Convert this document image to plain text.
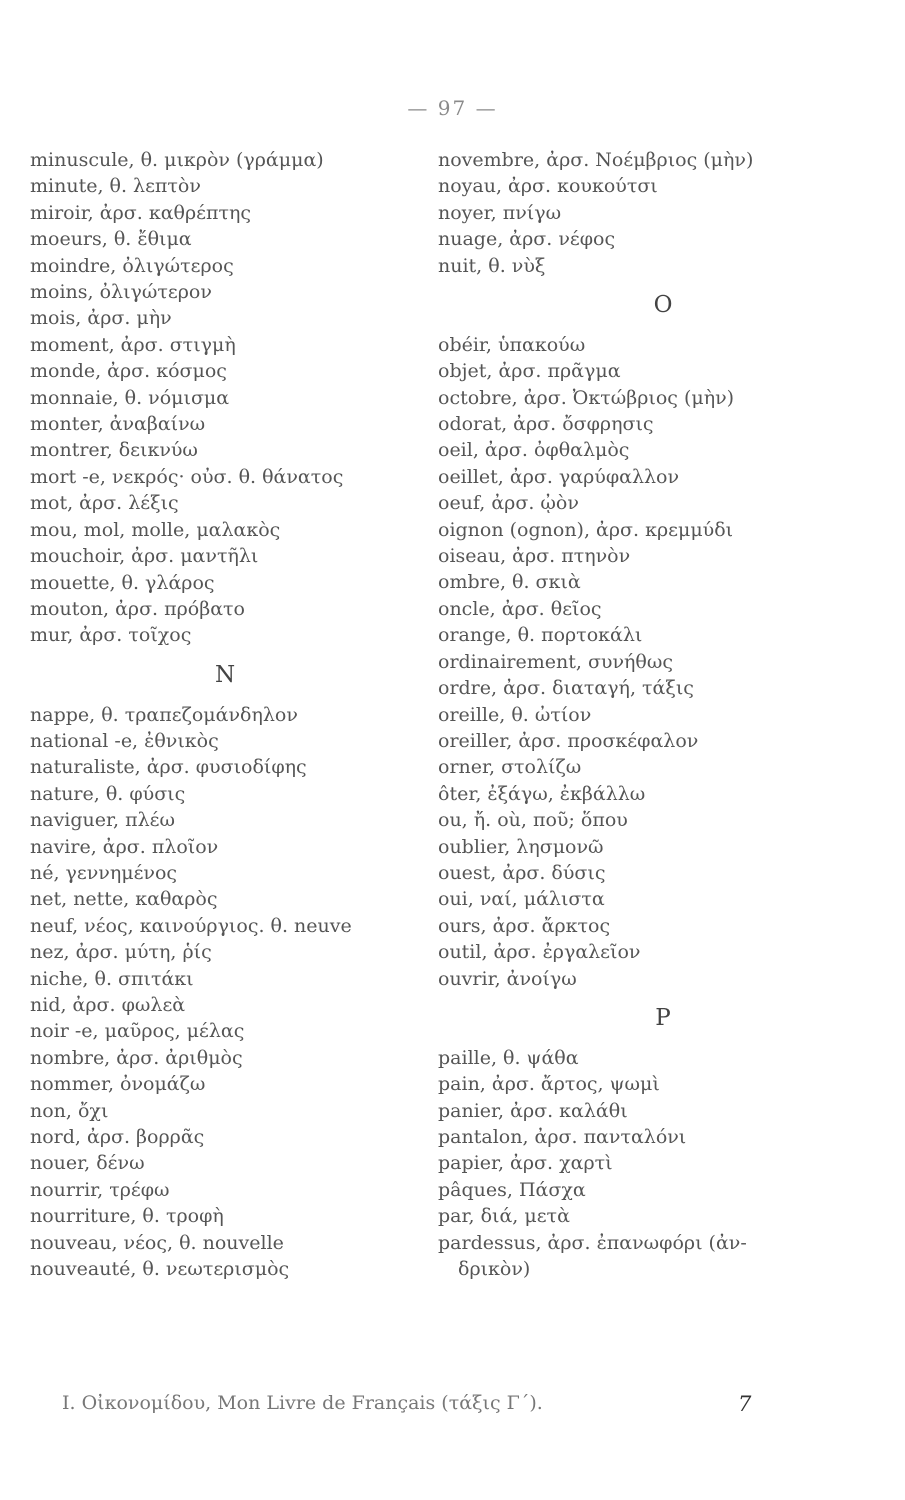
— 97 —
minuscule, θ. μικρὸν (γράμμα)
minute, θ. λεπτὸν
miroir, ἀρσ. καθρέπτης
moeurs, θ. ἔθιμα
moindre, ὀλιγώτερος
moins, ὀλιγώτερον
mois, ἀρσ. μὴν
moment, ἀρσ. στιγμὴ
monde, ἀρσ. κόσμος
monnaie, θ. νόμισμα
monter, ἀναβαίνω
montrer, δεικνύω
mort -e, νεκρός· οὐσ. θ. θάνατος
mot, ἀρσ. λέξις
mou, mol, molle, μαλακὸς
mouchoir, ἀρσ. μαντῆλι
mouette, θ. γλάρος
mouton, ἀρσ. πρόβατο
mur, ἀρσ. τοῖχος
N
nappe, θ. τραπεζομάνδηλον
national -e, ἐθνικὸς
naturaliste, ἀρσ. φυσιοδίφης
nature, θ. φύσις
naviguer, πλέω
navire, ἀρσ. πλοῖον
né, γεννημένος
net, nette, καθαρὸς
neuf, νέος, καινούργιος. θ. neuve
nez, ἀρσ. μύτη, ῥίς
niche, θ. σπιτάκι
nid, ἀρσ. φωλεὰ
noir -e, μαῦρος, μέλας
nombre, ἀρσ. ἀριθμὸς
nommer, ὀνομάζω
non, ὄχι
nord, ἀρσ. βορρᾶς
nouer, δένω
nourrir, τρέφω
nourriture, θ. τροφὴ
nouveau, νέος, θ. nouvelle
nouveauté, θ. νεωτερισμὸς
novembre, ἀρσ. Νοέμβριος (μὴν)
noyau, ἀρσ. κουκούτσι
noyer, πνίγω
nuage, ἀρσ. νέφος
nuit, θ. νὺξ
O
obéir, ὑπακούω
objet, ἀρσ. πρᾶγμα
octobre, ἀρσ. Ὀκτώβριος (μὴν)
odorat, ἀρσ. ὄσφρησις
oeil, ἀρσ. ὀφθαλμὸς
oeillet, ἀρσ. γαρύφαλλον
oeuf, ἀρσ. ᾠὸν
oignon (ognon), ἀρσ. κρεμμύδι
oiseau, ἀρσ. πτηνὸν
ombre, θ. σκιὰ
oncle, ἀρσ. θεῖος
orange, θ. πορτοκάλι
ordinairement, συνήθως
ordre, ἀρσ. διαταγή, τάξις
oreille, θ. ὠτίον
oreiller, ἀρσ. προσκέφαλον
orner, στολίζω
ôter, ἐξάγω, ἐκβάλλω
ou, ἤ. où, ποῦ; ὅπου
oublier, λησμονῶ
ouest, ἀρσ. δύσις
oui, ναί, μάλιστα
ours, ἀρσ. ἄρκτος
outil, ἀρσ. ἐργαλεῖον
ouvrir, ἀνοίγω
P
paille, θ. ψάθα
pain, ἀρσ. ἄρτος, ψωμὶ
panier, ἀρσ. καλάθι
pantalon, ἀρσ. πανταλόνι
papier, ἀρσ. χαρτὶ
pâques, Πάσχα
par, διά, μετὰ
pardessus, ἀρσ. ἐπανωφόρι (ἀν-
δρικὸν)
I. Οἰκονομίδου, Mon Livre de Français (τάξις Γ΄).	7
